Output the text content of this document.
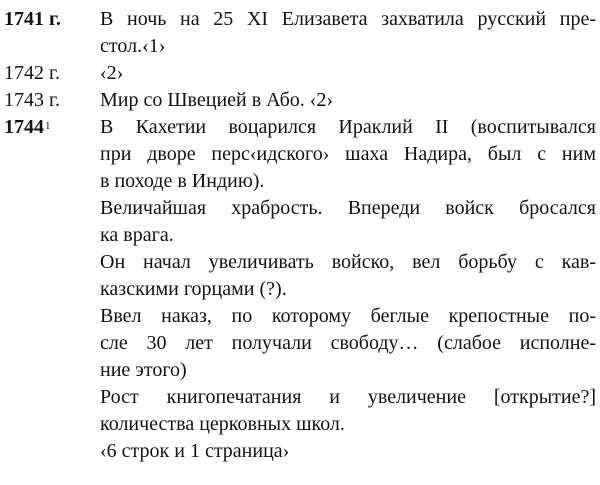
1741 г. В ночь на 25 XI Елизавета захватила русский пре-
стол.‹1›
1742 г. ‹2›
1743 г. Мир со Швецией в Або. ‹2›
1744$^1$ В Кахетии воцарился Ираклий II (воспитывался
при дворе перс‹идского› шаха Надира, был с ним
в походе в Индию).
Величайшая храбрость. Впереди войск бросался
ка врага.
Он начал увеличивать войско, вел борьбу с кав-
казскими горцами (?).
Ввел наказ, по которому беглые крепостные по-
сле 30 лет получали свободу… (слабое исполне-
ние этого)
Рост книгопечатания и увеличение [открытие?]
количества церковных школ.
‹6 строк и 1 страница›
